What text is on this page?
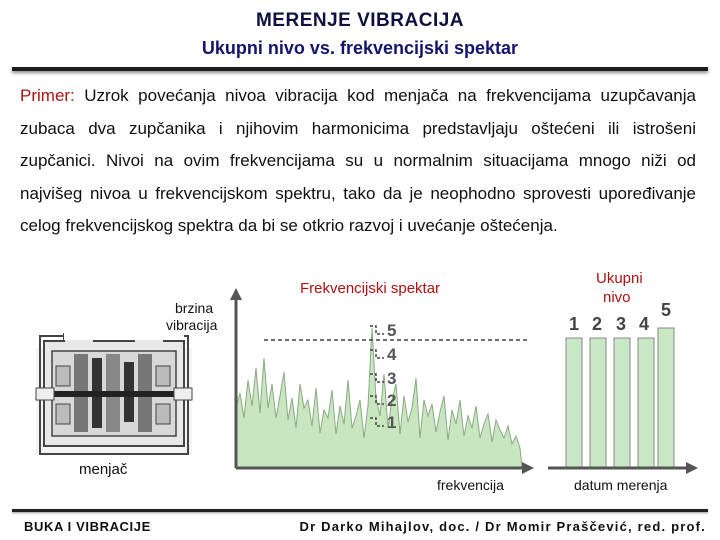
MERENJE VIBRACIJA
Ukupni nivo vs. frekvencijski spektar
Primer: Uzrok povećanja nivoa vibracija kod menjača na frekvencijama uzupčavanja zubaca dva zupčanika i njihovim harmonicima predstavljaju oštećeni ili istrošeni zupčanici. Nivoi na ovim frekvencijama su u normalnim situacijama mnogo niži od najvišeg nivoa u frekvencijskom spektru, tako da je neophodno sprovesti upoređivanje celog frekvencijskog spektra da bi se otkrio razvoj i uvećanje oštećenja.
menjač
brzina
vibracija
Frekvencijski spektar
Ukupni
nivo
5
4
3
2
1
frekvencija
1 2 3 4
5
datum merenja
BUKA I VIBRACIJE	Dr Darko Mihajlov, doc. / Dr Momir Praščević, red. prof.
